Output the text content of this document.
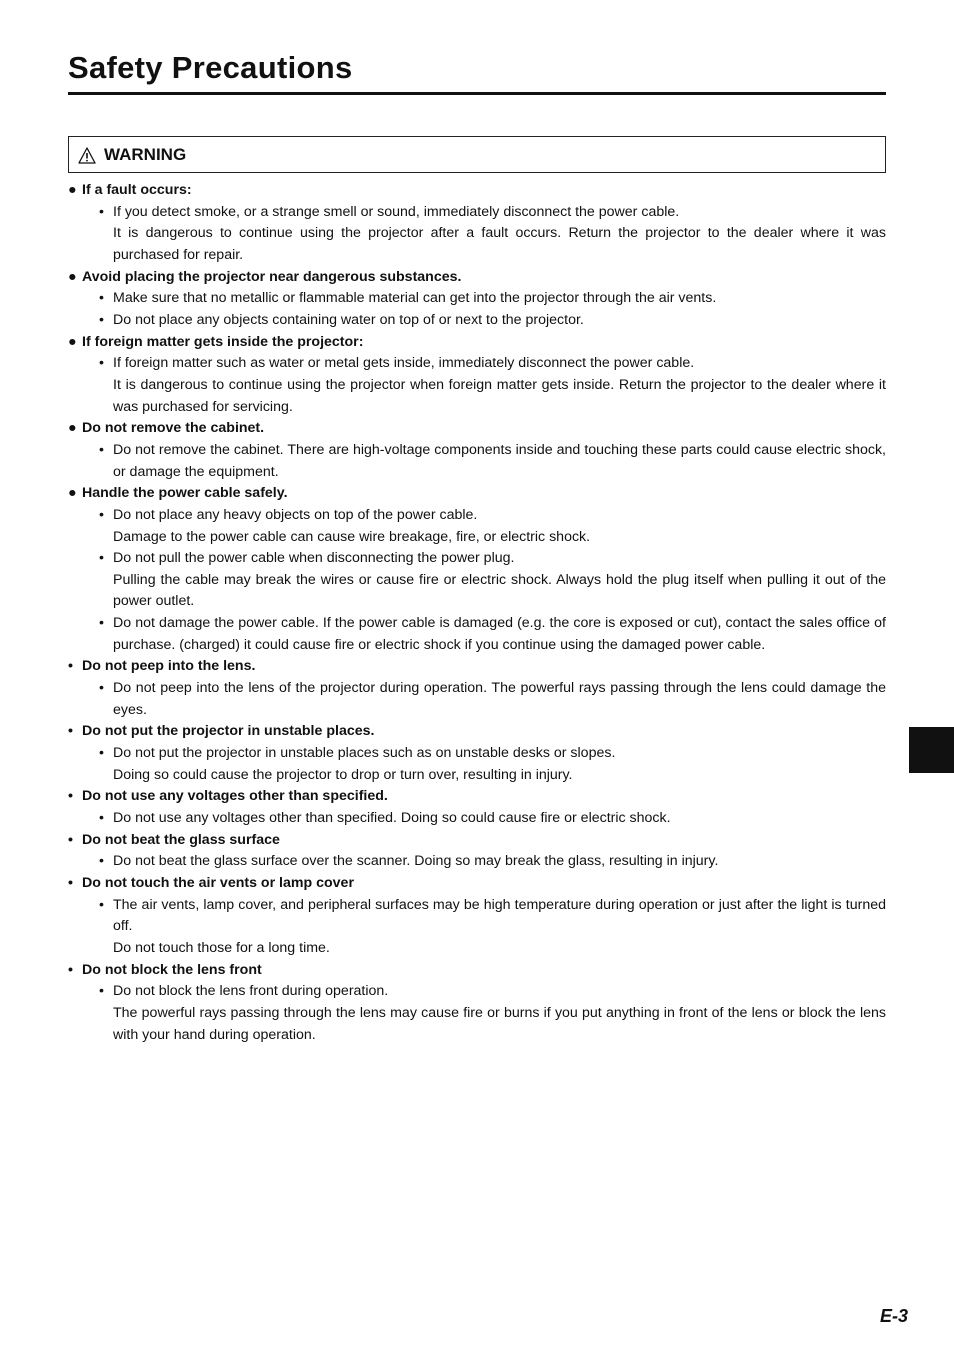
Safety Precautions
WARNING
● If a fault occurs:
• If you detect smoke, or a strange smell or sound, immediately disconnect the power cable.
It is dangerous to continue using the projector after a fault occurs. Return the projector to the dealer where it was purchased for repair.
● Avoid placing the projector near dangerous substances.
• Make sure that no metallic or flammable material can get into the projector through the air vents.
• Do not place any objects containing water on top of or next to the projector.
● If foreign matter gets inside the projector:
• If foreign matter such as water or metal gets inside, immediately disconnect the power cable.
It is dangerous to continue using the projector when foreign matter gets inside. Return the projector to the dealer where it was purchased for servicing.
● Do not remove the cabinet.
• Do not remove the cabinet. There are high-voltage components inside and touching these parts could cause electric shock, or damage the equipment.
● Handle the power cable safely.
• Do not place any heavy objects on top of the power cable.
Damage to the power cable can cause wire breakage, fire, or electric shock.
• Do not pull the power cable when disconnecting the power plug.
Pulling the cable may break the wires or cause fire or electric shock. Always hold the plug itself when pulling it out of the power outlet.
• Do not damage the power cable. If the power cable is damaged (e.g. the core is exposed or cut), contact the sales office of purchase. (charged) it could cause fire or electric shock if you continue using the damaged power cable.
• Do not peep into the lens.
• Do not peep into the lens of the projector during operation. The powerful rays passing through the lens could damage the eyes.
• Do not put the projector in unstable places.
• Do not put the projector in unstable places such as on unstable desks or slopes.
Doing so could cause the projector to drop or turn over, resulting in injury.
• Do not use any voltages other than specified.
• Do not use any voltages other than specified. Doing so could cause fire or electric shock.
• Do not beat the glass surface
• Do not beat the glass surface over the scanner. Doing so may break the glass, resulting in injury.
• Do not touch the air vents or lamp cover
• The air vents, lamp cover, and peripheral surfaces may be high temperature during operation or just after the light is turned off.
Do not touch those for a long time.
• Do not block the lens front
• Do not block the lens front during operation.
The powerful rays passing through the lens may cause fire or burns if you put anything in front of the lens or block the lens with your hand during operation.
E-3
